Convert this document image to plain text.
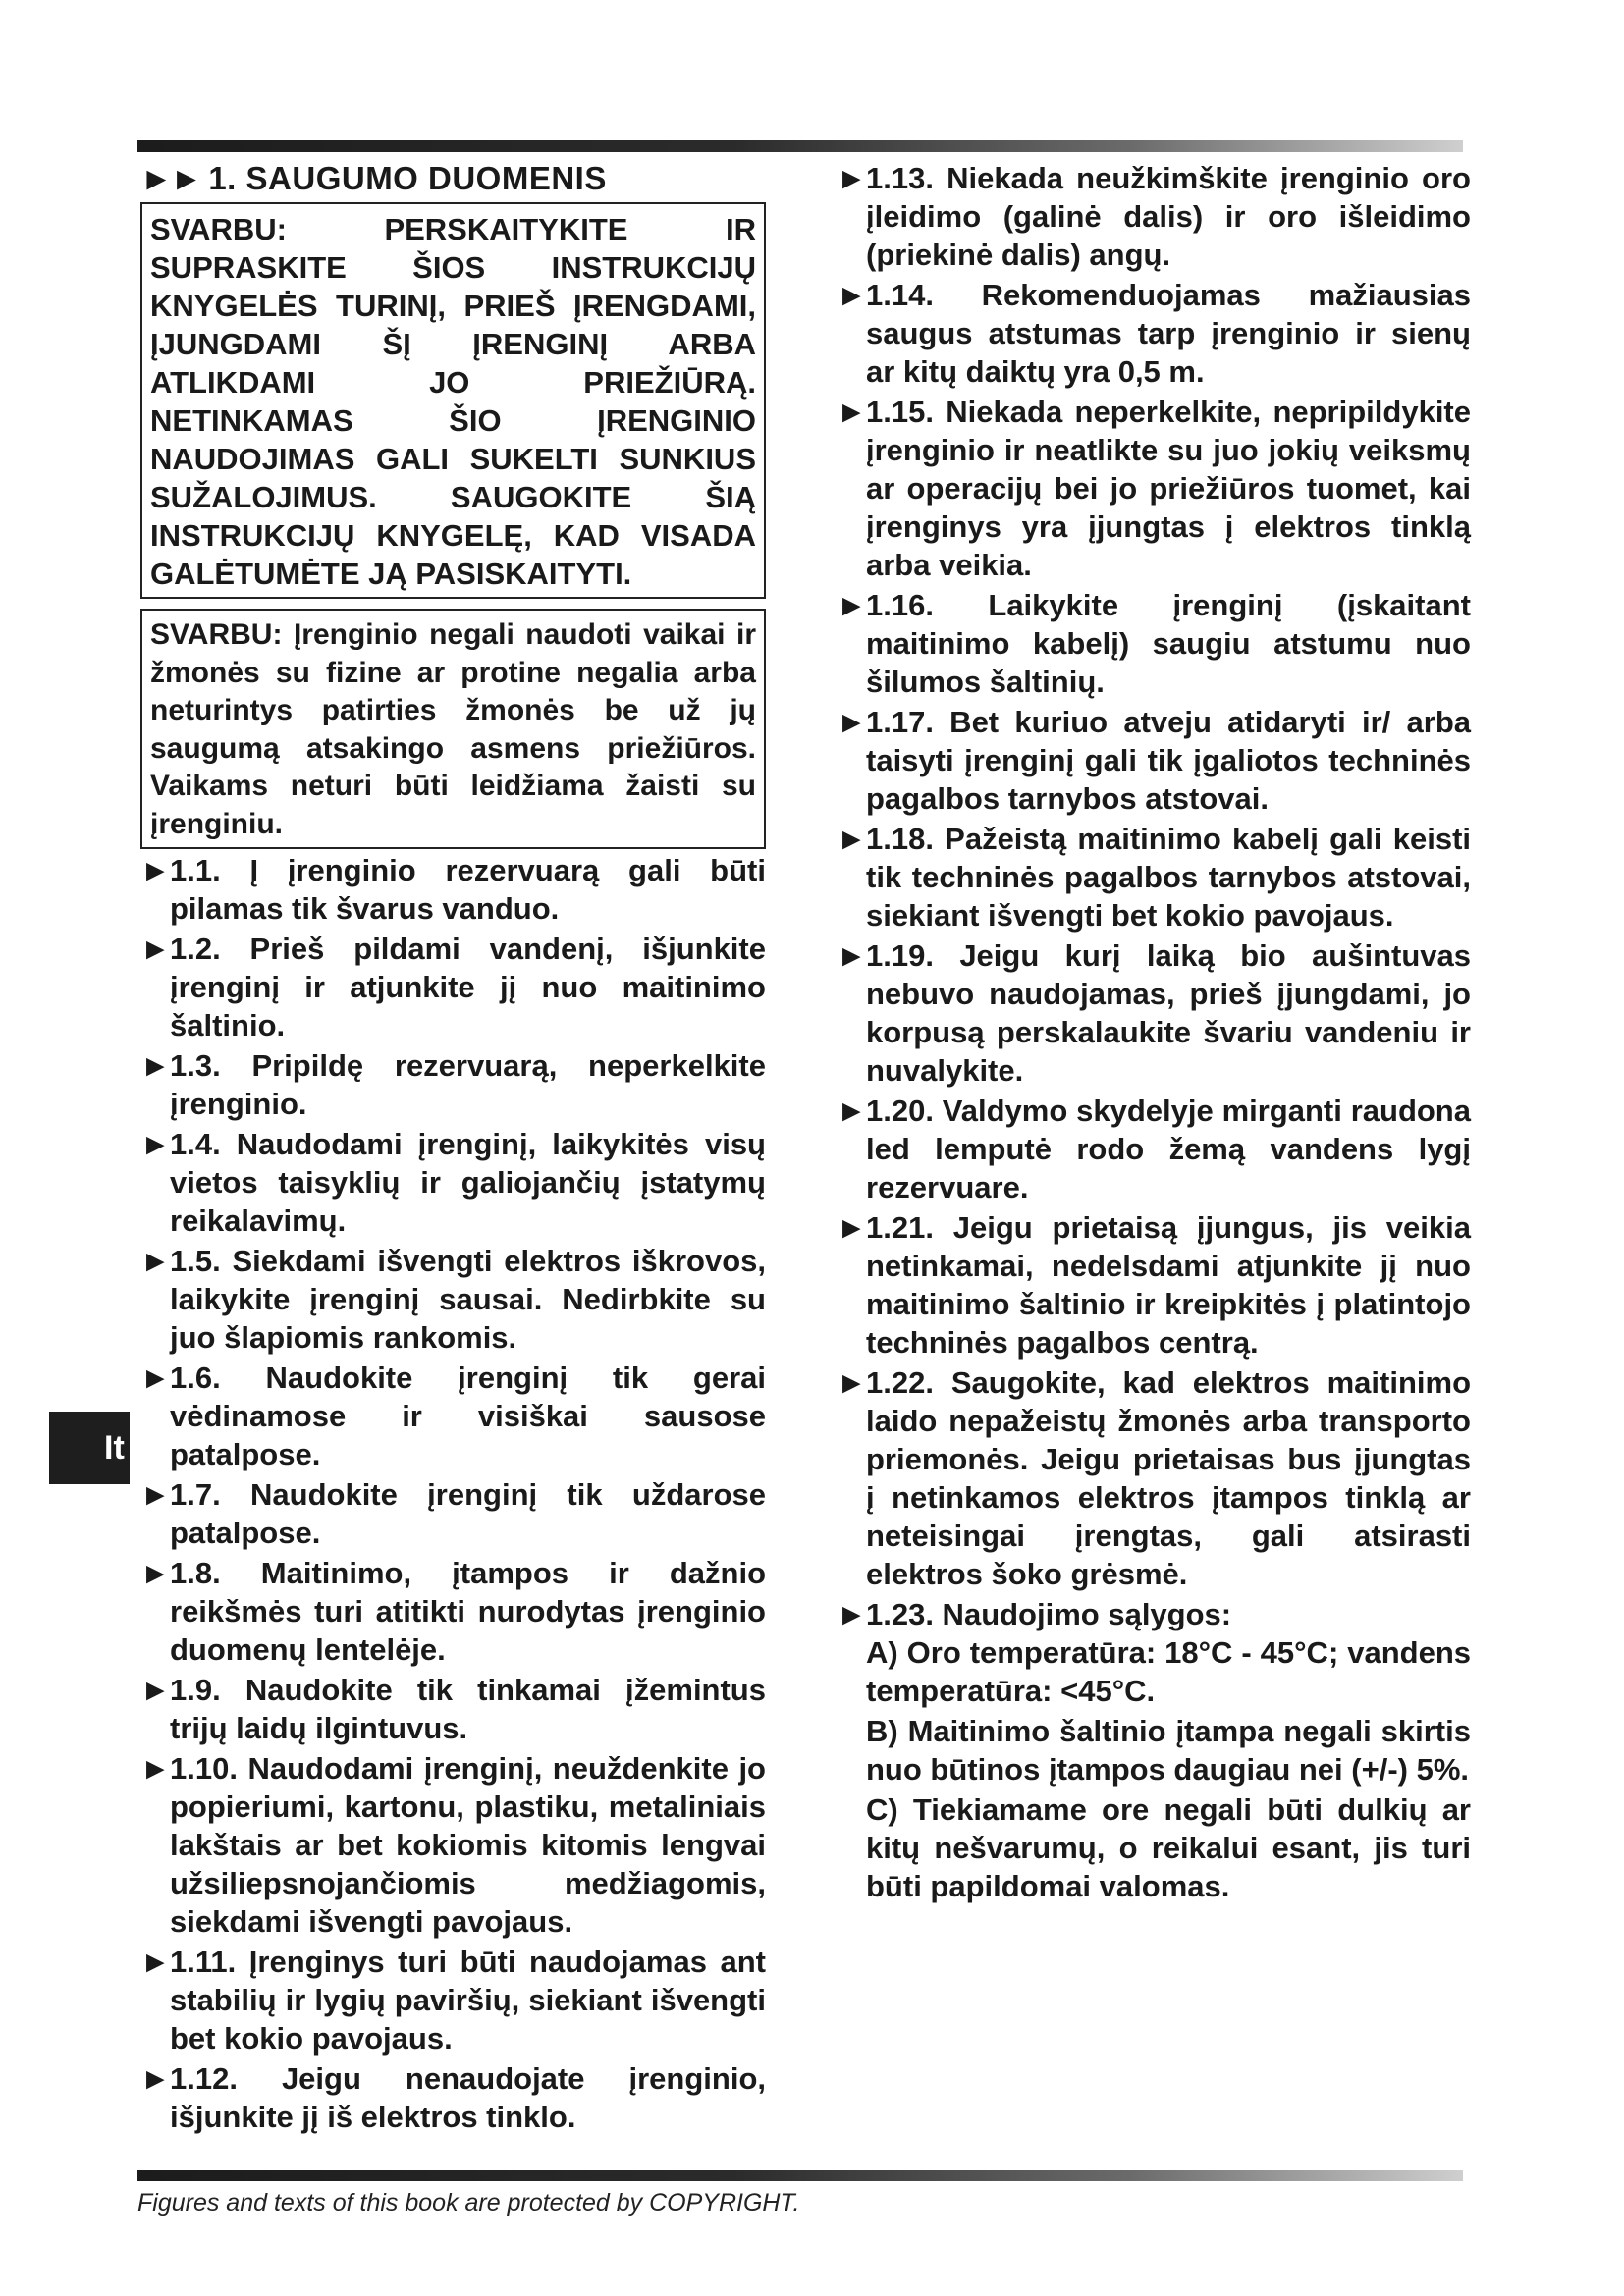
It
►► 1. SAUGUMO DUOMENIS
SVARBU: PERSKAITYKITE IR SUPRASKITE ŠIOS INSTRUKCIJŲ KNYGELĖS TURINĮ, PRIEŠ ĮRENGDAMI, ĮJUNGDAMI ŠĮ ĮRENGINĮ ARBA ATLIKDAMI JO PRIEŽIŪRĄ. NETINKAMAS ŠIO ĮRENGINIO NAUDOJIMAS GALI SUKELTI SUNKIUS SUŽALOJIMUS. SAUGOKITE ŠIĄ INSTRUKCIJŲ KNYGELĘ, KAD VISADA GALĖTUMĖTE JĄ PASISKAITYTI.
SVARBU: Įrenginio negali naudoti vaikai ir žmonės su fizine ar protine negalia arba neturintys patirties žmonės be už jų saugumą atsakingo asmens priežiūros. Vaikams neturi būti leidžiama žaisti su įrenginiu.
► 1.1. Į įrenginio rezervuarą gali būti pilamas tik švarus vanduo.
► 1.2. Prieš pildami vandenį, išjunkite įrenginį ir atjunkite jį nuo maitinimo šaltinio.
► 1.3. Pripildę rezervuarą, neperkelkite įrenginio.
► 1.4. Naudodami įrenginį, laikykitės visų vietos taisyklių ir galiojančių įstatymų reikalavimų.
► 1.5. Siekdami išvengti elektros iškrovos, laikykite įrenginį sausai. Nedirbkite su juo šlapiomis rankomis.
► 1.6. Naudokite įrenginį tik gerai vėdinamose ir visiškai sausose patalpose.
► 1.7. Naudokite įrenginį tik uždarose patalpose.
► 1.8. Maitinimo, įtampos ir dažnio reikšmės turi atitikti nurodytas įrenginio duomenų lentelėje.
► 1.9. Naudokite tik tinkamai įžemintus trijų laidų ilgintuvus.
► 1.10. Naudodami įrenginį, neuždenkite jo popieriumi, kartonu, plastiku, metaliniais lakštais ar bet kokiomis kitomis lengvai užsiliepsnojančiomis medžiagomis, siekdami išvengti pavojaus.
► 1.11. Įrenginys turi būti naudojamas ant stabilių ir lygių paviršių, siekiant išvengti bet kokio pavojaus.
► 1.12. Jeigu nenaudojate įrenginio, išjunkite jį iš elektros tinklo.
► 1.13. Niekada neužkimškite įrenginio oro įleidimo (galinė dalis) ir oro išleidimo (priekinė dalis) angų.
► 1.14. Rekomenduojamas mažiausias saugus atstumas tarp įrenginio ir sienų ar kitų daiktų yra 0,5 m.
► 1.15. Niekada neperkelkite, nepripildykite įrenginio ir neatlikte su juo jokių veiksmų ar operacijų bei jo priežiūros tuomet, kai įrenginys yra įjungtas į elektros tinklą arba veikia.
► 1.16. Laikykite įrenginį (įskaitant maitinimo kabelį) saugiu atstumu nuo šilumos šaltinių.
► 1.17. Bet kuriuo atveju atidaryti ir/ arba taisyti įrenginį gali tik įgaliotos techninės pagalbos tarnybos atstovai.
► 1.18. Pažeistą maitinimo kabelį gali keisti tik techninės pagalbos tarnybos atstovai, siekiant išvengti bet kokio pavojaus.
► 1.19. Jeigu kurį laiką bio aušintuvas nebuvo naudojamas, prieš įjungdami, jo korpusą perskalaukite švariu vandeniu ir nuvalykite.
► 1.20. Valdymo skydelyje mirganti raudona led lemputė rodo žemą vandens lygį rezervuare.
► 1.21. Jeigu prietaisą įjungus, jis veikia netinkamai, nedelsdami atjunkite jį nuo maitinimo šaltinio ir kreipkitės į platintojo techninės pagalbos centrą.
► 1.22. Saugokite, kad elektros maitinimo laido nepažeistų žmonės arba transporto priemonės. Jeigu prietaisas bus įjungtas į netinkamos elektros įtampos tinklą ar neteisingai įrengtas, gali atsirasti elektros šoko grėsmė.
► 1.23. Naudojimo sąlygos:
A) Oro temperatūra: 18°C - 45°C; vandens temperatūra: <45°C.
B) Maitinimo šaltinio įtampa negali skirtis nuo būtinos įtampos daugiau nei (+/-) 5%.
C) Tiekiamame ore negali būti dulkių ar kitų nešvarumų, o reikalui esant, jis turi būti papildomai valomas.
Figures and texts of this book are protected by COPYRIGHT.
